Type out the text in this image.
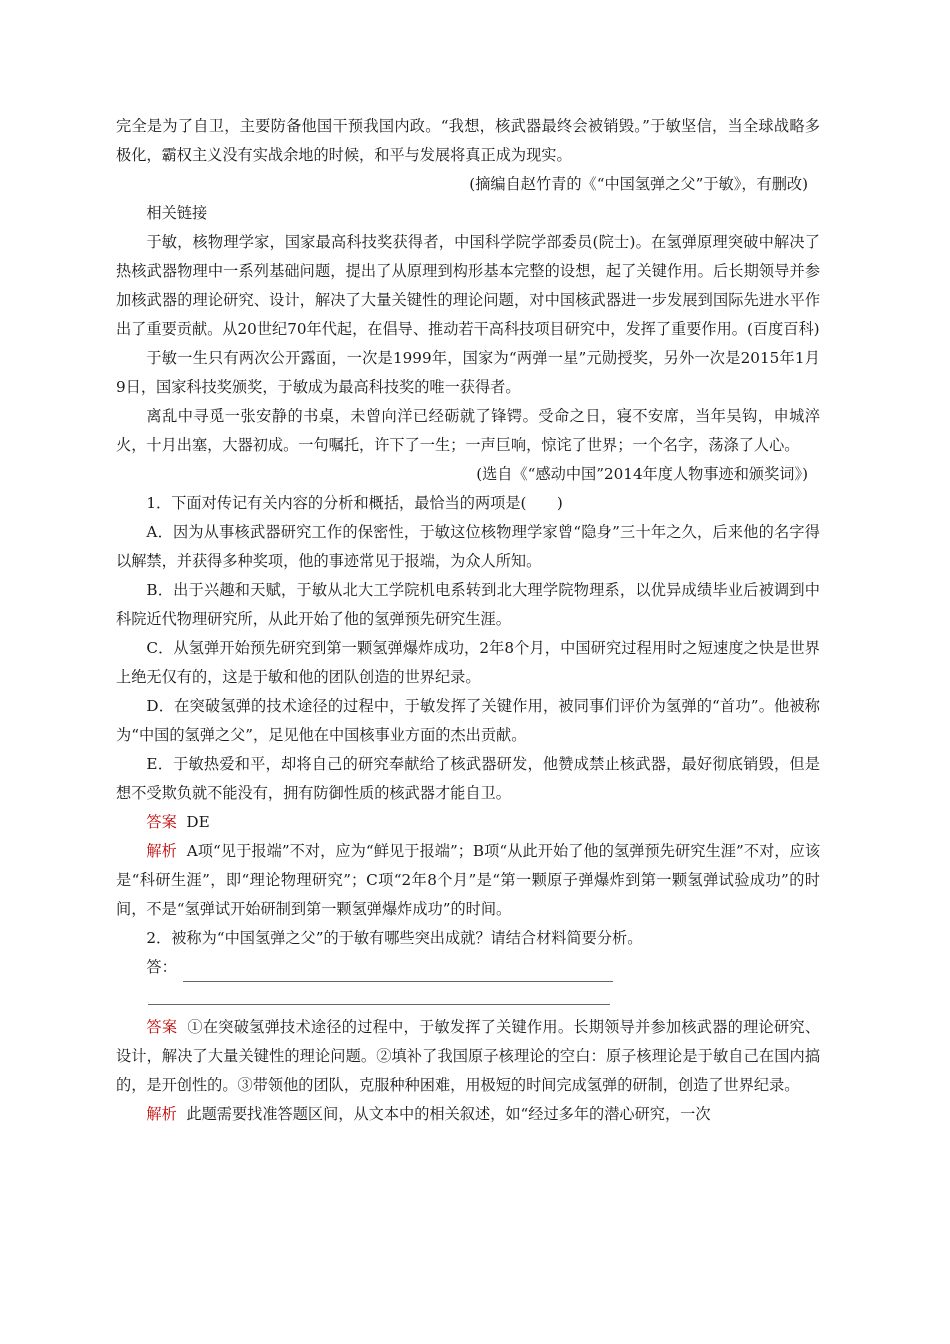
完全是为了自卫，主要防备他国干预我国内政。“我想，核武器最终会被销毁。”于敏坚信，当全球战略多极化，霸权主义没有实战余地的时候，和平与发展将真正成为现实。

(摘编自赵竹青的《“中国氢弹之父”于敏》，有删改)

相关链接

于敏，核物理学家，国家最高科技奖获得者，中国科学院学部委员(院士)。在氢弹原理突破中解决了热核武器物理中一系列基础问题，提出了从原理到构形基本完整的设想，起了关键作用。后长期领导并参加核武器的理论研究、设计，解决了大量关键性的理论问题，对中国核武器进一步发展到国际先进水平作出了重要贡献。从20世纪70年代起，在倡导、推动若干高科技项目研究中，发挥了重要作用。(百度百科)

于敏一生只有两次公开露面，一次是1999年，国家为“两弹一星”元勋授奖，另外一次是2015年1月9日，国家科技奖颁奖，于敏成为最高科技奖的唯一获得者。

离乱中寻觅一张安静的书桌，未曾向洋已经砺就了锋锷。受命之日，寝不安席，当年吴钩，申城淬火，十月出塞，大器初成。一句嘱托，许下了一生；一声巨响，惊诧了世界；一个名字，荡涤了人心。

(选自《“感动中国”2014年度人物事迹和颁奖词》)

1．下面对传记有关内容的分析和概括，最恰当的两项是(　　)

A．因为从事核武器研究工作的保密性，于敏这位核物理学家曾“隐身”三十年之久，后来他的名字得以解禁，并获得多种奖项，他的事迹常见于报端，为众人所知。

B．出于兴趣和天赋，于敏从北大工学院机电系转到北大理学院物理系，以优异成绩毕业后被调到中科院近代物理研究所，从此开始了他的氢弹预先研究生涯。

C．从氢弹开始预先研究到第一颗氢弹爆炸成功，2年8个月，中国研究过程用时之短速度之快是世界上绝无仅有的，这是于敏和他的团队创造的世界纪录。

D．在突破氢弹的技术途径的过程中，于敏发挥了关键作用，被同事们评价为氢弹的“首功”。他被称为“中国的氢弹之父”，足见他在中国核事业方面的杰出贡献。

E．于敏热爱和平，却将自己的研究奉献给了核武器研发，他赞成禁止核武器，最好彻底销毁，但是想不受欺负就不能没有，拥有防御性质的核武器才能自卫。

答案 DE

解析 A项“见于报端”不对，应为“鲜见于报端”；B项“从此开始了他的氢弹预先研究生涯”不对，应该是“科研生涯”，即“理论物理研究”；C项“2年8个月”是“第一颗原子弹爆炸到第一颗氢弹试验成功”的时间，不是“氢弹试开始研制到第一颗氢弹爆炸成功”的时间。

2．被称为“中国氢弹之父”的于敏有哪些突出成就？请结合材料简要分析。

答：

答案 ①在突破氢弹技术途径的过程中，于敏发挥了关键作用。长期领导并参加核武器的理论研究、设计，解决了大量关键性的理论问题。②填补了我国原子核理论的空白：原子核理论是于敏自己在国内搞的，是开创性的。③带领他的团队，克服种种困难，用极短的时间完成氢弹的研制，创造了世界纪录。

解析 此题需要找准答题区间，从文本中的相关叙述，如“经过多年的潜心研究，一次
